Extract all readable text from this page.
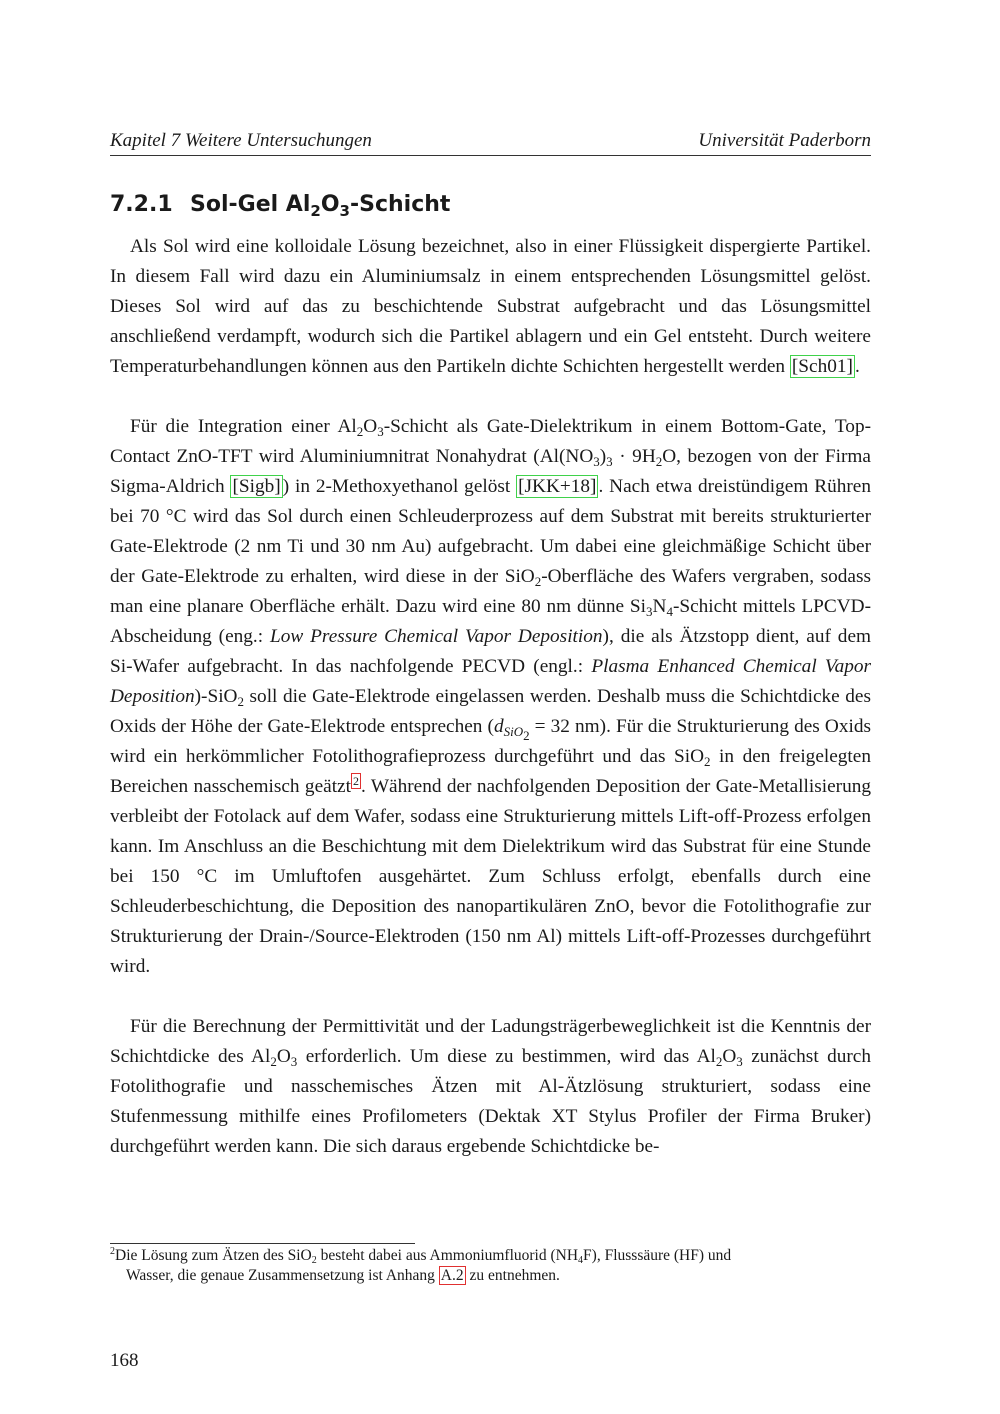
Kapitel 7 Weitere Untersuchungen	Universität Paderborn
7.2.1 Sol-Gel $Al_2O_3$-Schicht

Als Sol wird eine kolloidale Lösung bezeichnet, also in einer Flüssigkeit dispergierte Partikel. In diesem Fall wird dazu ein Aluminiumsalz in einem entsprechenden Lösungsmittel gelöst. Dieses Sol wird auf das zu beschichtende Substrat aufgebracht und das Lösungsmittel anschließend verdampft, wodurch sich die Partikel ablagern und ein Gel entsteht. Durch weitere Temperaturbehandlungen können aus den Partikeln dichte Schichten hergestellt werden [Sch01] .

Für die Integration einer $Al_2O_3$-Schicht als Gate-Dielektrikum in einem Bottom-Gate, Top-Contact ZnO-TFT wird Aluminiumnitrat Nonahydrat ($Al(NO_3)_3 \cdot 9H_2O$, bezogen von der Firma Sigma-Aldrich [Sigb] ) in 2-Methoxyethanol gelöst [JKK+18] . Nach etwa dreistündigem Rühren bei 70 °C wird das Sol durch einen Schleuderprozess auf dem Substrat mit bereits strukturierter Gate-Elektrode (2 nm Ti und 30 nm Au) aufgebracht. Um dabei eine gleichmäßige Schicht über der Gate-Elektrode zu erhalten, wird diese in der SiO$_2$-Oberfläche des Wafers vergraben, sodass man eine planare Oberfläche erhält. Dazu wird eine 80 nm dünne $Si_3N_4$-Schicht mittels LPCVD-Abscheidung (eng.: Low Pressure Chemical Vapor Deposition), die als Ätzstopp dient, auf dem Si-Wafer aufgebracht. In das nachfolgende PECVD (engl.: Plasma Enhanced Chemical Vapor Deposition)-SiO$_2$ soll die Gate-Elektrode eingelassen werden. Deshalb muss die Schichtdicke des Oxids der Höhe der Gate-Elektrode entsprechen ($d_{SiO_2} = 32$ nm). Für die Strukturierung des Oxids wird ein herkömmlicher Fotolithografieprozess durchgeführt und das SiO$_2$ in den freigelegten Bereichen nasschemisch geätzt $^2$ . Während der nachfolgenden Deposition der Gate-Metallisierung verbleibt der Fotolack auf dem Wafer, sodass eine Strukturierung mittels Lift-off-Prozess erfolgen kann. Im Anschluss an die Beschichtung mit dem Dielektrikum wird das Substrat für eine Stunde bei 150 °C im Umluftofen ausgehärtet. Zum Schluss erfolgt, ebenfalls durch eine Schleuderbeschichtung, die Deposition des nanopartikulären ZnO, bevor die Fotolithografie zur Strukturierung der Drain-/Source-Elektroden (150 nm Al) mittels Lift-off-Prozesses durchgeführt wird.

Für die Berechnung der Permittivität und der Ladungsträgerbeweglichkeit ist die Kenntnis der Schichtdicke des $Al_2O_3$ erforderlich. Um diese zu bestimmen, wird das $Al_2O_3$ zunächst durch Fotolithografie und nasschemisches Ätzen mit Al-Ätzlösung strukturiert, sodass eine Stufenmessung mithilfe eines Profilometers (Dektak XT Stylus Profiler der Firma Bruker) durchgeführt werden kann. Die sich daraus ergebende Schichtdicke be-

$^2$Die Lösung zum Ätzen des SiO$_2$ besteht dabei aus Ammoniumfluorid $(NH_4F)$, Flusssäure (HF) und
Wasser, die genaue Zusammensetzung ist Anhang A.2 zu entnehmen.
168
